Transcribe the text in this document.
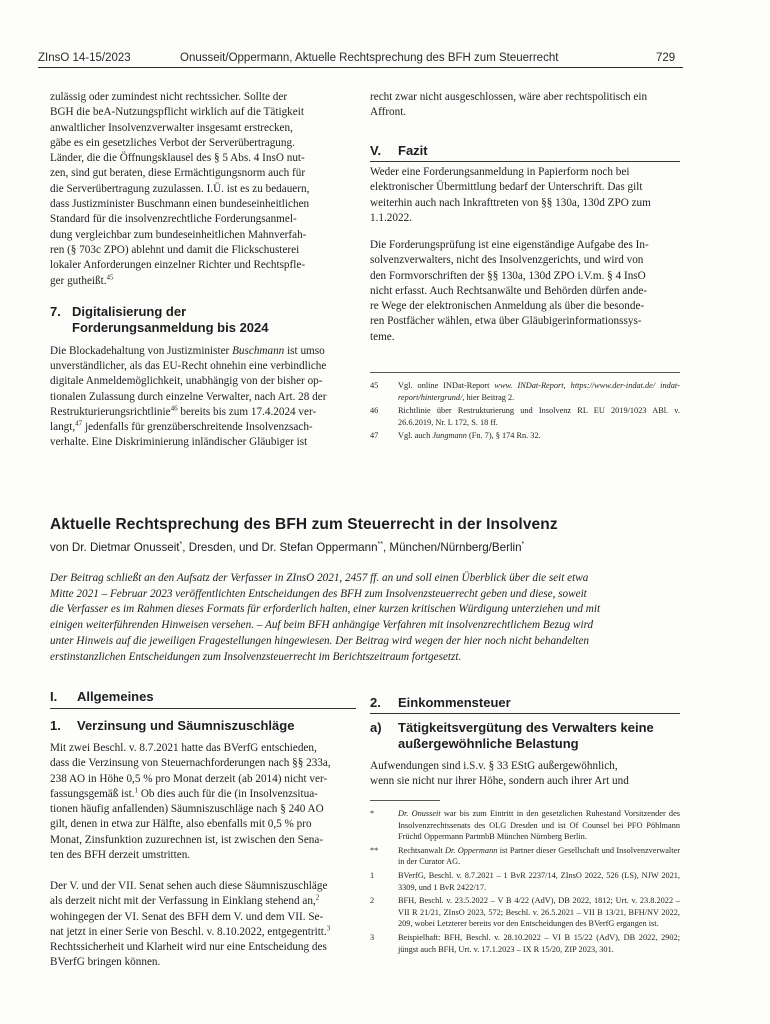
ZInsO 14-15/2023	Onusseit/Oppermann, Aktuelle Rechtsprechung des BFH zum Steuerrecht	729
zulässig oder zumindest nicht rechtssicher. Sollte der
BGH die beA-Nutzungspflicht wirklich auf die Tätigkeit
anwaltlicher Insolvenzverwalter insgesamt erstrecken,
gäbe es ein gesetzliches Verbot der Serverübertragung.
Länder, die die Öffnungsklausel des § 5 Abs. 4 InsO nut-
zen, sind gut beraten, diese Ermächtigungsnorm auch für
die Serverübertragung zuzulassen. I.Ü. ist es zu bedauern,
dass Justizminister Buschmann einen bundeseinheitlichen
Standard für die insolvenzrechtliche Forderungsanmel-
dung vergleichbar zum bundeseinheitlichen Mahnverfah-
ren (§ 703c ZPO) ablehnt und damit die Flickschusterei
lokaler Anforderungen einzelner Richter und Rechtspfle-
ger gutheißt.$^{45}$
7. Digitalisierung der Forderungsanmeldung bis 2024
Die Blockadehaltung von Justizminister Buschmann ist umso
unverständlicher, als das EU-Recht ohnehin eine verbindliche
digitale Anmeldemöglichkeit, unabhängig von der bisher op-
tionalen Zulassung durch einzelne Verwalter, nach Art. 28 der
Restrukturierungsrichtlinie$^{46}$ bereits bis zum 17.4.2024 ver-
langt,$^{47}$ jedenfalls für grenzüberschreitende Insolvenzsach-
verhalte. Eine Diskriminierung inländischer Gläubiger ist
recht zwar nicht ausgeschlossen, wäre aber rechtspolitisch ein
Affront.
V.	Fazit
Weder eine Forderungsanmeldung in Papierform noch bei
elektronischer Übermittlung bedarf der Unterschrift. Das gilt
weiterhin auch nach Inkrafttreten von §§ 130a, 130d ZPO zum
1.1.2022.
Die Forderungsprüfung ist eine eigenständige Aufgabe des In-
solvenzverwalters, nicht des Insolvenzgerichts, und wird von
den Formvorschriften der §§ 130a, 130d ZPO i.V.m. § 4 InsO
nicht erfasst. Auch Rechtsanwälte und Behörden dürfen ande-
re Wege der elektronischen Anmeldung als über die besonde-
ren Postfächer wählen, etwa über Gläubigerinformationssys-
teme.
45	Vgl. online INDat-Report www. INDat-Report, https://www.der-indat.de/ indat-report/hintergrund/, hier Beitrag 2.
46	Richtlinie über Restrukturierung und Insolvenz RL EU 2019/1023 ABl. v. 26.6.2019, Nr. L 172, S. 18 ff.
47	Vgl. auch Jungmann (Fn. 7), § 174 Rn. 32.
Aktuelle Rechtsprechung des BFH zum Steuerrecht in der Insolvenz
von Dr. Dietmar Onusseit*, Dresden, und Dr. Stefan Oppermann**, München/Nürnberg/Berlin*
Der Beitrag schließt an den Aufsatz der Verfasser in ZInsO 2021, 2457 ff. an und soll einen Überblick über die seit etwa
Mitte 2021 – Februar 2023 veröffentlichten Entscheidungen des BFH zum Insolvenzsteuerrecht geben und diese, soweit
die Verfasser es im Rahmen dieses Formats für erforderlich halten, einer kurzen kritischen Würdigung unterziehen und mit
einigen weiterführenden Hinweisen versehen. – Auf beim BFH anhängige Verfahren mit insolvenzrechtlichem Bezug wird
unter Hinweis auf die jeweiligen Fragestellungen hingewiesen. Der Beitrag wird wegen der hier noch nicht behandelten
erstinstanzlichen Entscheidungen zum Insolvenzsteuerrecht im Berichtszeitraum fortgesetzt.
I.	Allgemeines
1.	Verzinsung und Säumniszuschläge
Mit zwei Beschl. v. 8.7.2021 hatte das BVerfG entschieden,
dass die Verzinsung von Steuernachforderungen nach §§ 233a,
238 AO in Höhe 0,5 % pro Monat derzeit (ab 2014) nicht ver-
fassungsgemäß ist.$^1$ Ob dies auch für die (in Insolvenzsitua-
tionen häufig anfallenden) Säumniszuschläge nach § 240 AO
gilt, denen in etwa zur Hälfte, also ebenfalls mit 0,5 % pro
Monat, Zinsfunktion zuzurechnen ist, ist zwischen den Sena-
ten des BFH derzeit umstritten.
Der V. und der VII. Senat sehen auch diese Säumniszuschläge
als derzeit nicht mit der Verfassung in Einklang stehend an,$^2$
wohingegen der VI. Senat des BFH dem V. und dem VII. Se-
nat jetzt in einer Serie von Beschl. v. 8.10.2022, entgegentritt.$^3$
Rechtssicherheit und Klarheit wird nur eine Entscheidung des
BVerfG bringen können.
2.	Einkommensteuer
a)	Tätigkeitsvergütung des Verwalters keine außergewöhnliche Belastung
Aufwendungen sind i.S.v. § 33 EStG außergewöhnlich,
wenn sie nicht nur ihrer Höhe, sondern auch ihrer Art und
*	Dr. Onusseit war bis zum Eintritt in den gesetzlichen Ruhestand Vorsitzender des Insolvenzrechtssenats des OLG Dresden und ist Of Counsel bei PFO Pöhlmann Früchtl Oppermann PartmbB München Nürnberg Berlin.
**	Rechtsanwalt Dr. Oppermann ist Partner dieser Gesellschaft und Insolvenzverwalter in der Curator AG.
1	BVerfG, Beschl. v. 8.7.2021 – 1 BvR 2237/14, ZInsO 2022, 526 (LS), NJW 2021, 3309, und 1 BvR 2422/17.
2	BFH, Beschl. v. 23.5.2022 – V B 4/22 (AdV), DB 2022, 1812; Urt. v. 23.8.2022 – VII R 21/21, ZInsO 2023, 572; Beschl. v. 26.5.2021 – VII B 13/21, BFH/NV 2022, 209, wobei Letzterer bereits vor den Entscheidungen des BVerfG ergangen ist.
3	Beispielhaft: BFH, Beschl. v. 28.10.2022 – VI B 15/22 (AdV), DB 2022, 2902; jüngst auch BFH, Urt. v. 17.1.2023 – IX R 15/20, ZIP 2023, 301.
